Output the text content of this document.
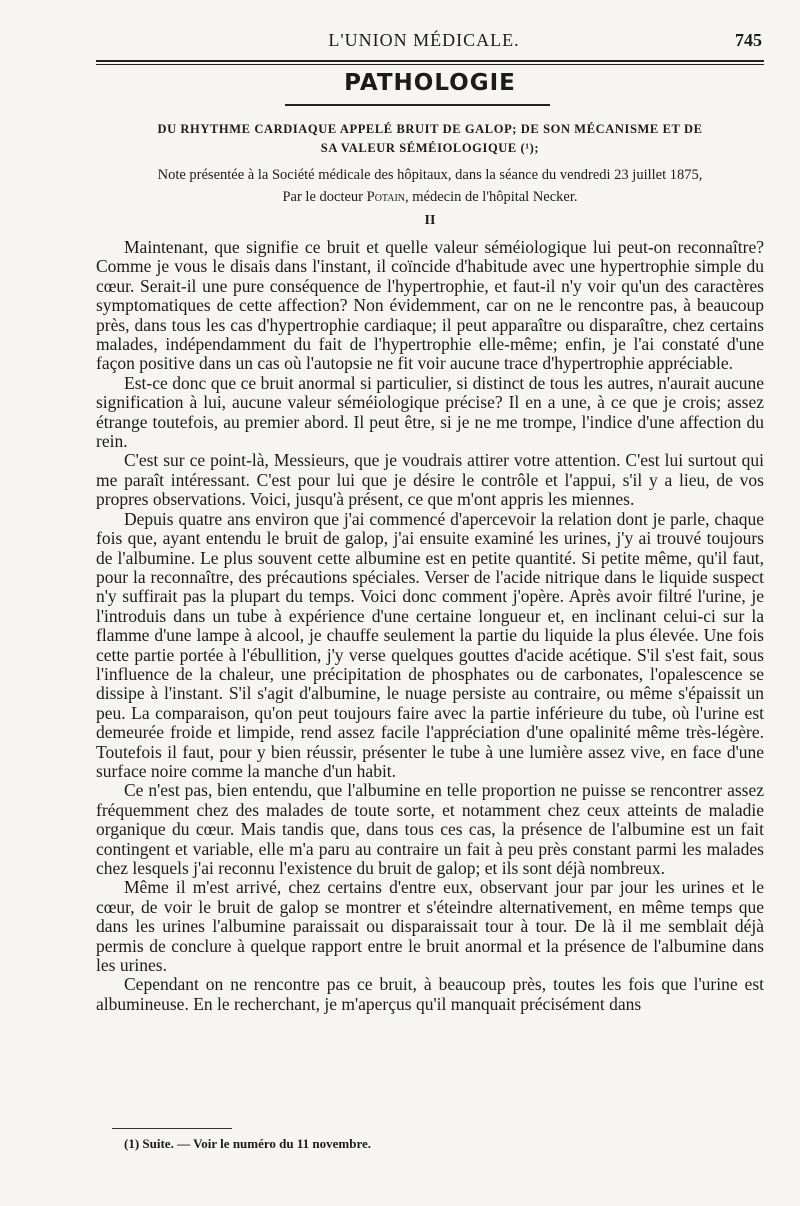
L'UNION MÉDICALE.	745
PATHOLOGIE
DU RHYTHME CARDIAQUE APPELÉ BRUIT DE GALOP; DE SON MÉCANISME ET DE
SA VALEUR SÉMÉIOLOGIQUE (¹);
Note présentée à la Société médicale des hôpitaux, dans la séance du vendredi 23 juillet 1875,
Par le docteur Potain, médecin de l'hôpital Necker.
II

Maintenant, que signifie ce bruit et quelle valeur séméiologique lui peut-on reconnaître? Comme je vous le disais dans l'instant, il coïncide d'habitude avec une hypertrophie simple du cœur. Serait-il une pure conséquence de l'hypertrophie, et faut-il n'y voir qu'un des caractères symptomatiques de cette affection? Non évidemment, car on ne le rencontre pas, à beaucoup près, dans tous les cas d'hypertrophie cardiaque; il peut apparaître ou disparaître, chez certains malades, indépendamment du fait de l'hypertrophie elle-même; enfin, je l'ai constaté d'une façon positive dans un cas où l'autopsie ne fit voir aucune trace d'hypertrophie appréciable.

Est-ce donc que ce bruit anormal si particulier, si distinct de tous les autres, n'aurait aucune signification à lui, aucune valeur séméiologique précise? Il en a une, à ce que je crois; assez étrange toutefois, au premier abord. Il peut être, si je ne me trompe, l'indice d'une affection du rein.

C'est sur ce point-là, Messieurs, que je voudrais attirer votre attention. C'est lui surtout qui me paraît intéressant. C'est pour lui que je désire le contrôle et l'appui, s'il y a lieu, de vos propres observations. Voici, jusqu'à présent, ce que m'ont appris les miennes.

Depuis quatre ans environ que j'ai commencé d'apercevoir la relation dont je parle, chaque fois que, ayant entendu le bruit de galop, j'ai ensuite examiné les urines, j'y ai trouvé toujours de l'albumine. Le plus souvent cette albumine est en petite quantité. Si petite même, qu'il faut, pour la reconnaître, des précautions spéciales. Verser de l'acide nitrique dans le liquide suspect n'y suffirait pas la plupart du temps. Voici donc comment j'opère. Après avoir filtré l'urine, je l'introduis dans un tube à expérience d'une certaine longueur et, en inclinant celui-ci sur la flamme d'une lampe à alcool, je chauffe seulement la partie du liquide la plus élevée. Une fois cette partie portée à l'ébullition, j'y verse quelques gouttes d'acide acétique. S'il s'est fait, sous l'influence de la chaleur, une précipitation de phosphates ou de carbonates, l'opalescence se dissipe à l'instant. S'il s'agit d'albumine, le nuage persiste au contraire, ou même s'épaissit un peu. La comparaison, qu'on peut toujours faire avec la partie inférieure du tube, où l'urine est demeurée froide et limpide, rend assez facile l'appréciation d'une opalinité même très-légère. Toutefois il faut, pour y bien réussir, présenter le tube à une lumière assez vive, en face d'une surface noire comme la manche d'un habit.

Ce n'est pas, bien entendu, que l'albumine en telle proportion ne puisse se rencontrer assez fréquemment chez des malades de toute sorte, et notamment chez ceux atteints de maladie organique du cœur. Mais tandis que, dans tous ces cas, la présence de l'albumine est un fait contingent et variable, elle m'a paru au contraire un fait à peu près constant parmi les malades chez lesquels j'ai reconnu l'existence du bruit de galop; et ils sont déjà nombreux.

Même il m'est arrivé, chez certains d'entre eux, observant jour par jour les urines et le cœur, de voir le bruit de galop se montrer et s'éteindre alternativement, en même temps que dans les urines l'albumine paraissait ou disparaissait tour à tour. De là il me semblait déjà permis de conclure à quelque rapport entre le bruit anormal et la présence de l'albumine dans les urines.

Cependant on ne rencontre pas ce bruit, à beaucoup près, toutes les fois que l'urine est albumineuse. En le recherchant, je m'aperçus qu'il manquait précisément dans

(1) Suite. — Voir le numéro du 11 novembre.
